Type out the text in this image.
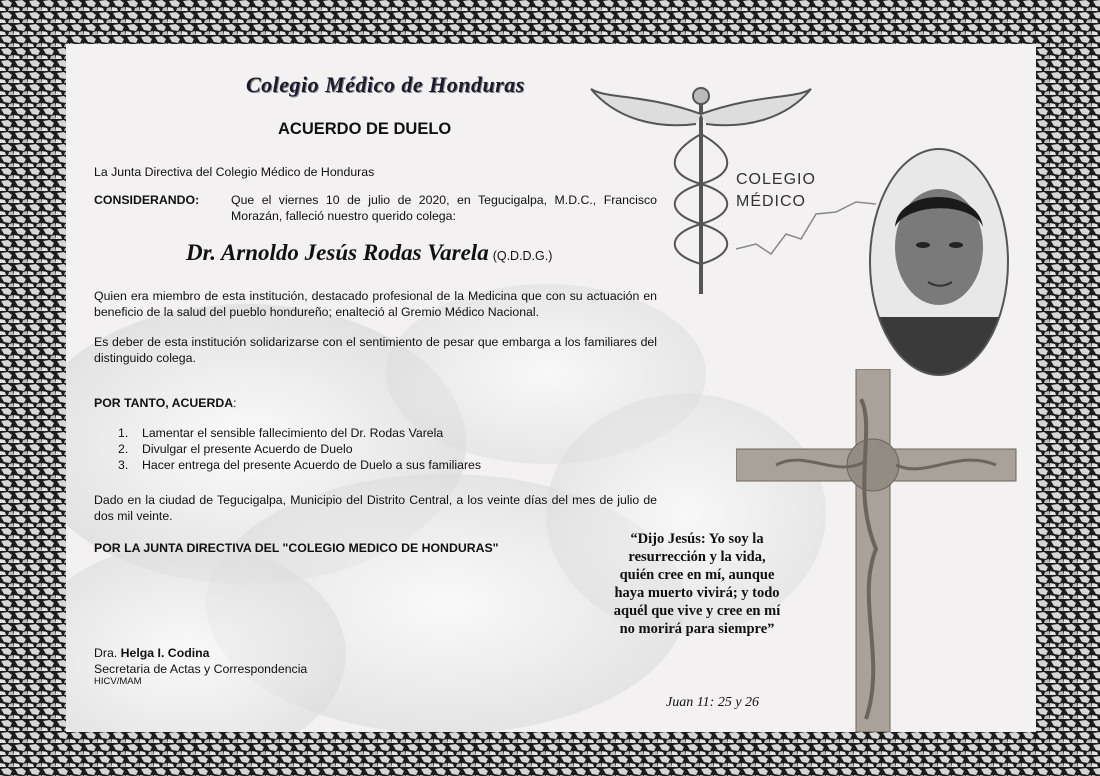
COLEGIO
MÉDICO
Colegio Médico de Honduras
ACUERDO DE DUELO
La Junta Directiva del Colegio Médico de Honduras
CONSIDERANDO:	Que el viernes 10 de julio de 2020, en Tegucigalpa, M.D.C., Francisco Morazán, falleció nuestro querido colega:
Dr. Arnoldo Jesús Rodas Varela (Q.D.D.G.)
Quien era miembro de esta institución, destacado profesional de la Medicina que con su actuación en beneficio de la salud del pueblo hondureño; enalteció al Gremio Médico Nacional.
Es deber de esta institución solidarizarse con el sentimiento de pesar que embarga a los familiares del distinguido colega.
POR TANTO, ACUERDA:
1. Lamentar el sensible fallecimiento del Dr. Rodas Varela
2. Divulgar el presente Acuerdo de Duelo
3. Hacer entrega del presente Acuerdo de Duelo a sus familiares
Dado en la ciudad de Tegucigalpa, Municipio del Distrito Central, a los veinte días del mes de julio de dos mil veinte.
POR LA JUNTA DIRECTIVA DEL "COLEGIO MEDICO DE HONDURAS"
Dra. Helga I. Codina
Secretaria de Actas y Correspondencia
HICV/MAM
“Dijo Jesús: Yo soy la resurrección y la vida, quién cree en mí, aunque haya muerto vivirá; y todo aquél que vive y cree en mí no morirá para siempre”
Juan 11: 25 y 26
